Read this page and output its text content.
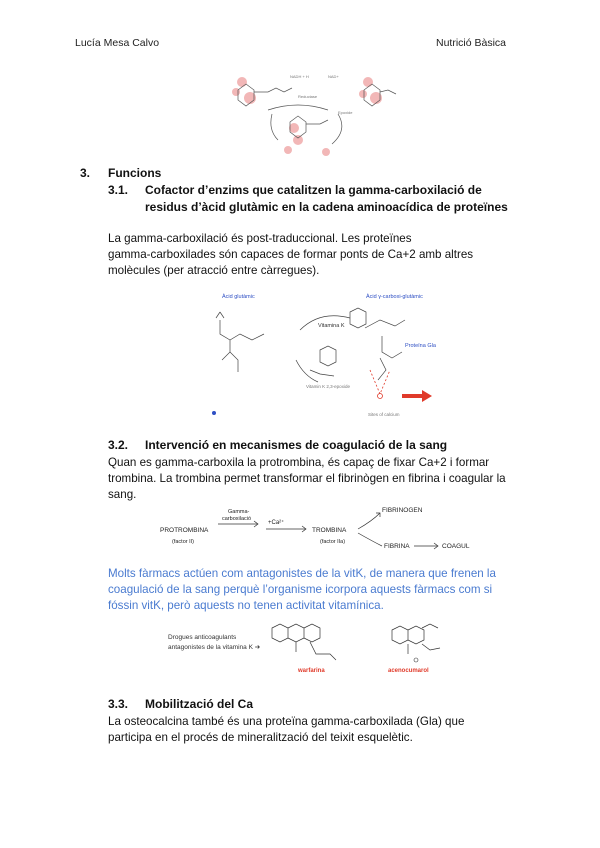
Lucía Mesa Calvo	Nutrició Bàsica
NADH + H	NAD+
Reductase
Epoxide
3. Funcions
3.1. Cofactor d’enzims que catalitzen la gamma-carboxilació de
residus d’àcid glutàmic en la cadena aminoacídica de proteïnes
La gamma-carboxilació és post-traduccional. Les proteïnes
gamma-carboxilades són capaces de formar ponts de Ca+2 amb altres
molècules (per atracció entre càrregues).
Àcid glutàmic	Àcid γ-carboxi-glutàmic
Vitamina K
Proteïna Gla
Vitamin K 2,3-epoxide
Sites of calcium
3.2. Intervenció en mecanismes de coagulació de la sang
Quan es gamma-carboxila la protrombina, és capaç de fixar Ca+2 i formar
trombina. La trombina permet transformar el fibrinògen en fibrina i coagular la
sang.
PROTROMBINA
(factor II)
Gamma-
carboxilació
+Ca²⁺
TROMBINA
(factor IIa)
FIBRINOGEN
FIBRINA	COAGUL
Molts fàrmacs actúen com antagonistes de la vitK, de manera que frenen la
coagulació de la sang perquè l’organisme icorpora aquests fàrmacs com si
fóssin vitK, però aquests no tenen activitat vitamínica.
Drogues anticoagulants
antagonistes de la vitamina K ➔
warfarina	acenocumarol
3.3. Mobilització del Ca
La osteocalcina també és una proteïna gamma-carboxilada (Gla) que
participa en el procés de mineralització del teixit esquelètic.
